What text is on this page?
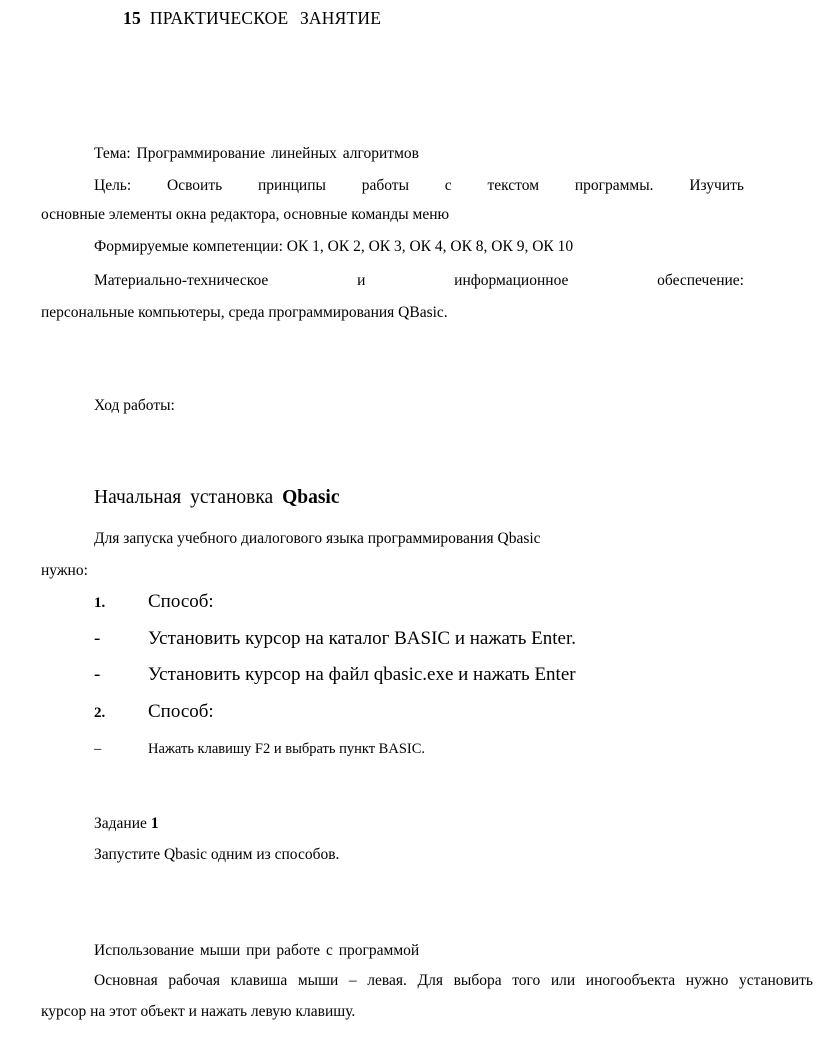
15 ПРАКТИЧЕСКОЕ ЗАНЯТИЕ
Тема: Программирование линейных алгоритмов
Цель: Освоить принципы работы с текстом программы. Изучить
основные элементы окна редактора, основные команды меню
Формируемые компетенции: ОК 1, ОК 2, ОК 3, ОК 4, ОК 8, ОК 9, ОК 10
Материально-техническое и информационное обеспечение:
персональные компьютеры, среда программирования QBasic.
Ход работы:
Начальная установка Qbasic
Для запуска учебного диалогового языка программирования Qbasic
нужно:
1.	Способ:
-	Установить курсор на каталог BASIC и нажать Enter.
-	Установить курсор на файл qbasic.exe и нажать Enter
2.	Способ:
–	Нажать клавишу F2 и выбрать пункт BASIC.
Задание 1
Запустите Qbasic одним из способов.
Использование мыши при работе с программой
Основная рабочая клавиша мыши – левая. Для выбора того или иногообъекта нужно установить
курсор на этот объект и нажать левую клавишу.
